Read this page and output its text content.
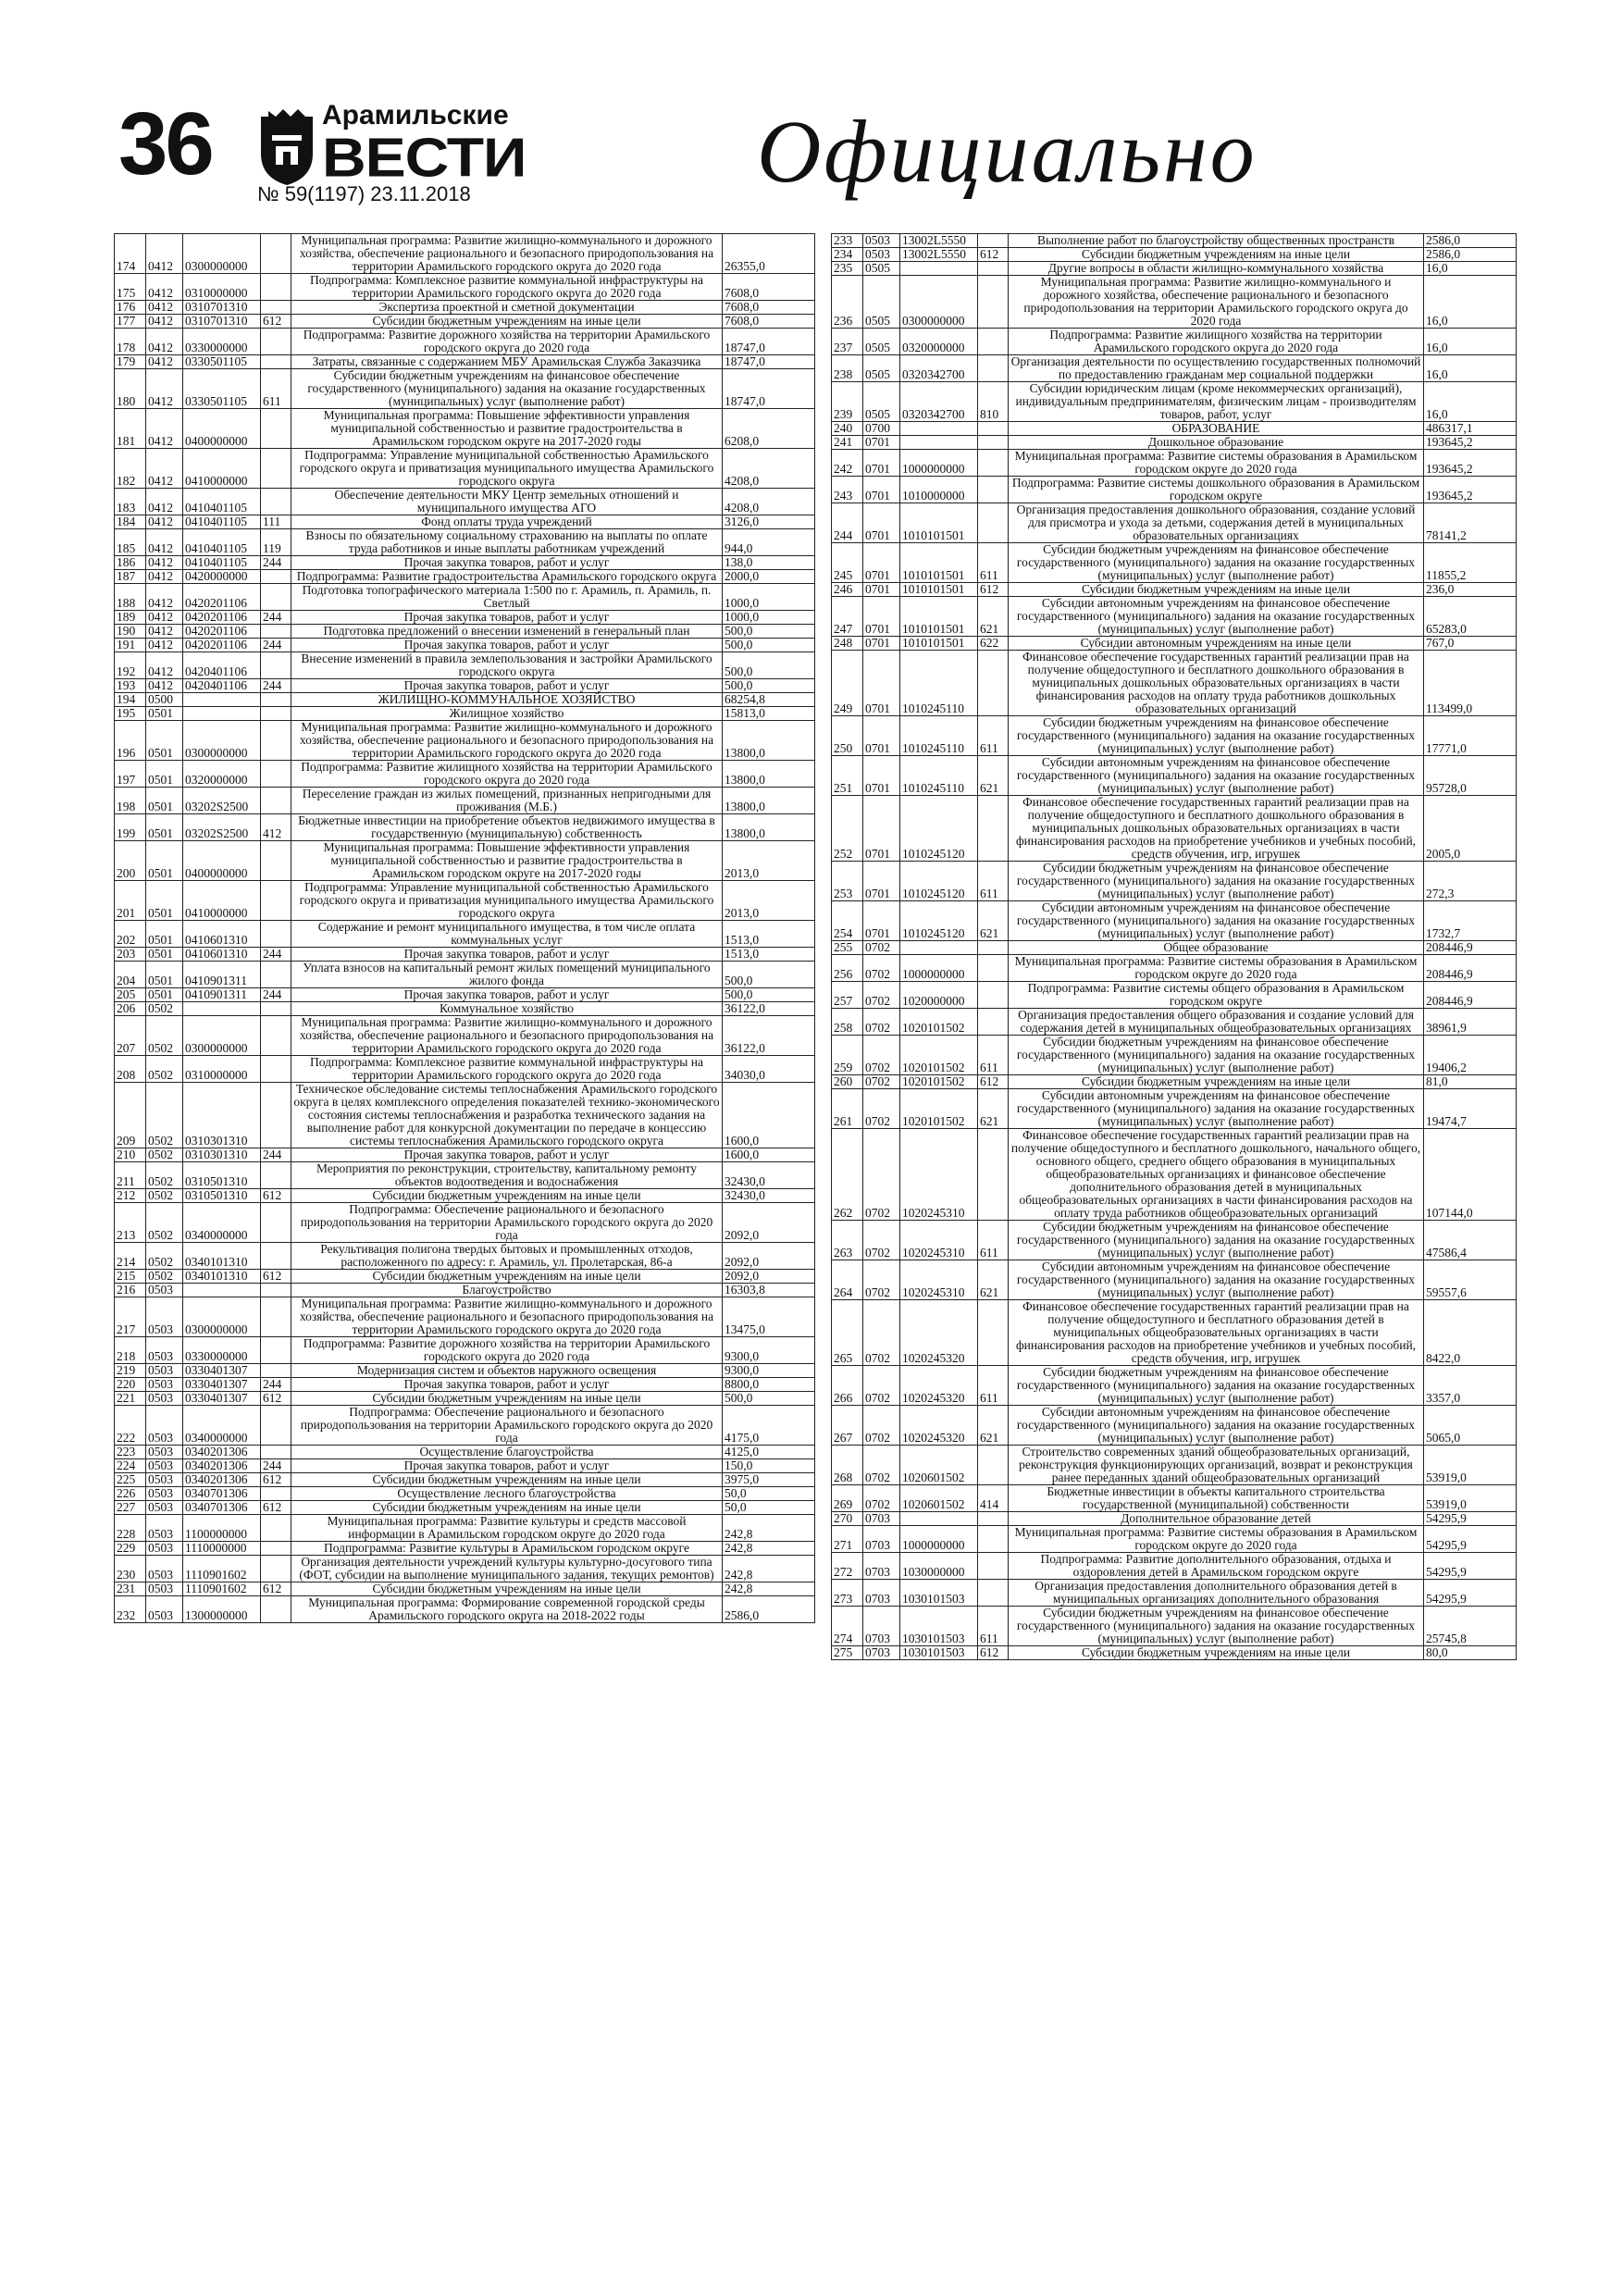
36	Арамильские
ВЕСТИ
№ 59(1197) 23.11.2018	Официально
174	0412	0300000000		Муниципальная программа: Развитие жилищно-коммунального и дорожного хозяйства, обеспечение рационального и безопасного природопользования на территории Арамильского городского округа до 2020 года	26355,0
175	0412	0310000000		Подпрограмма: Комплексное развитие коммунальной инфраструктуры на территории Арамильского городского округа до 2020 года	7608,0
176	0412	0310701310		Экспертиза проектной и сметной документации	7608,0
177	0412	0310701310	612	Субсидии бюджетным учреждениям на иные цели	7608,0
178	0412	0330000000		Подпрограмма: Развитие дорожного хозяйства на территории Арамильского городского округа до 2020 года	18747,0
179	0412	0330501105		Затраты, связанные с содержанием МБУ Арамильская Служба Заказчика	18747,0
180	0412	0330501105	611	Субсидии бюджетным учреждениям на финансовое обеспечение государственного (муниципального) задания на оказание государственных (муниципальных) услуг (выполнение работ)	18747,0
181	0412	0400000000		Муниципальная программа: Повышение эффективности управления муниципальной собственностью и развитие градостроительства в Арамильском городском округе на 2017-2020 годы	6208,0
182	0412	0410000000		Подпрограмма: Управление муниципальной собственностью Арамильского городского округа и приватизация муниципального имущества Арамильского городского округа	4208,0
183	0412	0410401105		Обеспечение деятельности МКУ Центр земельных отношений и муниципального имущества АГО	4208,0
184	0412	0410401105	111	Фонд оплаты труда учреждений	3126,0
185	0412	0410401105	119	Взносы по обязательному социальному страхованию на выплаты по оплате труда работников и иные выплаты работникам учреждений	944,0
186	0412	0410401105	244	Прочая закупка товаров, работ и услуг	138,0
187	0412	0420000000		Подпрограмма: Развитие градостроительства Арамильского городского округа	2000,0
188	0412	0420201106		Подготовка топографического материала 1:500 по г. Арамиль, п. Арамиль, п. Светлый	1000,0
189	0412	0420201106	244	Прочая закупка товаров, работ и услуг	1000,0
190	0412	0420201106		Подготовка предложений о внесении изменений в генеральный план	500,0
191	0412	0420201106	244	Прочая закупка товаров, работ и услуг	500,0
192	0412	0420401106		Внесение изменений в правила землепользования и застройки Арамильского городского округа	500,0
193	0412	0420401106	244	Прочая закупка товаров, работ и услуг	500,0
194	0500			ЖИЛИЩНО-КОММУНАЛЬНОЕ ХОЗЯЙСТВО	68254,8
195	0501			Жилищное хозяйство	15813,0
196	0501	0300000000		Муниципальная программа: Развитие жилищно-коммунального и дорожного хозяйства, обеспечение рационального и безопасного природопользования на территории Арамильского городского округа до 2020 года	13800,0
197	0501	0320000000		Подпрограмма: Развитие жилищного хозяйства на территории Арамильского городского округа до 2020 года	13800,0
198	0501	03202S2500		Переселение граждан из жилых помещений, признанных непригодными для проживания (М.Б.)	13800,0
199	0501	03202S2500	412	Бюджетные инвестиции на приобретение объектов недвижимого имущества в государственную (муниципальную) собственность	13800,0
200	0501	0400000000		Муниципальная программа: Повышение эффективности управления муниципальной собственностью и развитие градостроительства в Арамильском городском округе на 2017-2020 годы	2013,0
201	0501	0410000000		Подпрограмма: Управление муниципальной собственностью Арамильского городского округа и приватизация муниципального имущества Арамильского городского округа	2013,0
202	0501	0410601310		Содержание и ремонт муниципального имущества, в том числе оплата коммунальных услуг	1513,0
203	0501	0410601310	244	Прочая закупка товаров, работ и услуг	1513,0
204	0501	0410901311		Уплата взносов на капитальный ремонт жилых помещений муниципального жилого фонда	500,0
205	0501	0410901311	244	Прочая закупка товаров, работ и услуг	500,0
206	0502			Коммунальное хозяйство	36122,0
207	0502	0300000000		Муниципальная программа: Развитие жилищно-коммунального и дорожного хозяйства, обеспечение рационального и безопасного природопользования на территории Арамильского городского округа до 2020 года	36122,0
208	0502	0310000000		Подпрограмма: Комплексное развитие коммунальной инфраструктуры на территории Арамильского городского округа до 2020 года	34030,0
209	0502	0310301310		Техническое обследование системы теплоснабжения Арамильского городского округа в целях комплексного определения показателей технико-экономического состояния системы теплоснабжения и разработка технического задания на выполнение работ для конкурсной документации по передаче в концессию системы теплоснабжения Арамильского городского округа	1600,0
210	0502	0310301310	244	Прочая закупка товаров, работ и услуг	1600,0
211	0502	0310501310		Мероприятия по реконструкции, строительству, капитальному ремонту объектов водоотведения и водоснабжения	32430,0
212	0502	0310501310	612	Субсидии бюджетным учреждениям на иные цели	32430,0
213	0502	0340000000		Подпрограмма: Обеспечение рационального и безопасного природопользования на территории Арамильского городского округа до 2020 года	2092,0
214	0502	0340101310		Рекультивация полигона твердых бытовых и промышленных отходов, расположенного по адресу: г. Арамиль, ул. Пролетарская, 86-а	2092,0
215	0502	0340101310	612	Субсидии бюджетным учреждениям на иные цели	2092,0
216	0503			Благоустройство	16303,8
217	0503	0300000000		Муниципальная программа: Развитие жилищно-коммунального и дорожного хозяйства, обеспечение рационального и безопасного природопользования на территории Арамильского городского округа до 2020 года	13475,0
218	0503	0330000000		Подпрограмма: Развитие дорожного хозяйства на территории Арамильского городского округа до 2020 года	9300,0
219	0503	0330401307		Модернизация систем и объектов наружного освещения	9300,0
220	0503	0330401307	244	Прочая закупка товаров, работ и услуг	8800,0
221	0503	0330401307	612	Субсидии бюджетным учреждениям на иные цели	500,0
222	0503	0340000000		Подпрограмма: Обеспечение рационального и безопасного природопользования на территории Арамильского городского округа до 2020 года	4175,0
223	0503	0340201306		Осуществление благоустройства	4125,0
224	0503	0340201306	244	Прочая закупка товаров, работ и услуг	150,0
225	0503	0340201306	612	Субсидии бюджетным учреждениям на иные цели	3975,0
226	0503	0340701306		Осуществление лесного благоустройства	50,0
227	0503	0340701306	612	Субсидии бюджетным учреждениям на иные цели	50,0
228	0503	1100000000		Муниципальная программа: Развитие культуры и средств массовой информации в Арамильском городском округе до 2020 года	242,8
229	0503	1110000000		Подпрограмма: Развитие культуры в Арамильском городском округе	242,8
230	0503	1110901602		Организация деятельности учреждений культуры культурно-досугового типа (ФОТ, субсидии на выполнение муниципального задания, текущих ремонтов)	242,8
231	0503	1110901602	612	Субсидии бюджетным учреждениям на иные цели	242,8
232	0503	1300000000		Муниципальная программа: Формирование современной городской среды Арамильского городского округа на 2018-2022 годы	2586,0
233	0503	13002L5550		Выполнение работ по благоустройству общественных пространств	2586,0
234	0503	13002L5550	612	Субсидии бюджетным учреждениям на иные цели	2586,0
235	0505			Другие вопросы в области жилищно-коммунального хозяйства	16,0
236	0505	0300000000		Муниципальная программа: Развитие жилищно-коммунального и дорожного хозяйства, обеспечение рационального и безопасного природопользования на территории Арамильского городского округа до 2020 года	16,0
237	0505	0320000000		Подпрограмма: Развитие жилищного хозяйства на территории Арамильского городского округа до 2020 года	16,0
238	0505	0320342700		Организация деятельности по осуществлению государственных полномочий по предоставлению гражданам мер социальной поддержки	16,0
239	0505	0320342700	810	Субсидии юридическим лицам (кроме некоммерческих организаций), индивидуальным предпринимателям, физическим лицам - производителям товаров, работ, услуг	16,0
240	0700			ОБРАЗОВАНИЕ	486317,1
241	0701			Дошкольное образование	193645,2
242	0701	1000000000		Муниципальная программа: Развитие системы образования в Арамильском городском округе до 2020 года	193645,2
243	0701	1010000000		Подпрограмма: Развитие системы дошкольного образования в Арамильском городском округе	193645,2
244	0701	1010101501		Организация предоставления дошкольного образования, создание условий для присмотра и ухода за детьми, содержания детей в муниципальных образовательных организациях	78141,2
245	0701	1010101501	611	Субсидии бюджетным учреждениям на финансовое обеспечение государственного (муниципального) задания на оказание государственных (муниципальных) услуг (выполнение работ)	11855,2
246	0701	1010101501	612	Субсидии бюджетным учреждениям на иные цели	236,0
247	0701	1010101501	621	Субсидии автономным учреждениям на финансовое обеспечение государственного (муниципального) задания на оказание государственных (муниципальных) услуг (выполнение работ)	65283,0
248	0701	1010101501	622	Субсидии автономным учреждениям на иные цели	767,0
249	0701	1010245110		Финансовое обеспечение государственных гарантий реализации прав на получение общедоступного и бесплатного дошкольного образования в муниципальных дошкольных образовательных организациях в части финансирования расходов на оплату труда работников дошкольных образовательных организаций	113499,0
250	0701	1010245110	611	Субсидии бюджетным учреждениям на финансовое обеспечение государственного (муниципального) задания на оказание государственных (муниципальных) услуг (выполнение работ)	17771,0
251	0701	1010245110	621	Субсидии автономным учреждениям на финансовое обеспечение государственного (муниципального) задания на оказание государственных (муниципальных) услуг (выполнение работ)	95728,0
252	0701	1010245120		Финансовое обеспечение государственных гарантий реализации прав на получение общедоступного и бесплатного дошкольного образования в муниципальных дошкольных образовательных организациях в части финансирования расходов на приобретение учебников и учебных пособий, средств обучения, игр, игрушек	2005,0
253	0701	1010245120	611	Субсидии бюджетным учреждениям на финансовое обеспечение государственного (муниципального) задания на оказание государственных (муниципальных) услуг (выполнение работ)	272,3
254	0701	1010245120	621	Субсидии автономным учреждениям на финансовое обеспечение государственного (муниципального) задания на оказание государственных (муниципальных) услуг (выполнение работ)	1732,7
255	0702			Общее образование	208446,9
256	0702	1000000000		Муниципальная программа: Развитие системы образования в Арамильском городском округе до 2020 года	208446,9
257	0702	1020000000		Подпрограмма: Развитие системы общего образования в Арамильском городском округе	208446,9
258	0702	1020101502		Организация предоставления общего образования и создание условий для содержания детей в муниципальных общеобразовательных организациях	38961,9
259	0702	1020101502	611	Субсидии бюджетным учреждениям на финансовое обеспечение государственного (муниципального) задания на оказание государственных (муниципальных) услуг (выполнение работ)	19406,2
260	0702	1020101502	612	Субсидии бюджетным учреждениям на иные цели	81,0
261	0702	1020101502	621	Субсидии автономным учреждениям на финансовое обеспечение государственного (муниципального) задания на оказание государственных (муниципальных) услуг (выполнение работ)	19474,7
262	0702	1020245310		Финансовое обеспечение государственных гарантий реализации прав на получение общедоступного и бесплатного дошкольного, начального общего, основного общего, среднего общего образования в муниципальных общеобразовательных организациях и финансовое обеспечение дополнительного образования детей в муниципальных общеобразовательных организациях в части финансирования расходов на оплату труда работников общеобразовательных организаций	107144,0
263	0702	1020245310	611	Субсидии бюджетным учреждениям на финансовое обеспечение государственного (муниципального) задания на оказание государственных (муниципальных) услуг (выполнение работ)	47586,4
264	0702	1020245310	621	Субсидии автономным учреждениям на финансовое обеспечение государственного (муниципального) задания на оказание государственных (муниципальных) услуг (выполнение работ)	59557,6
265	0702	1020245320		Финансовое обеспечение государственных гарантий реализации прав на получение общедоступного и бесплатного образования детей в муниципальных общеобразовательных организациях в части финансирования расходов на приобретение учебников и учебных пособий, средств обучения, игр, игрушек	8422,0
266	0702	1020245320	611	Субсидии бюджетным учреждениям на финансовое обеспечение государственного (муниципального) задания на оказание государственных (муниципальных) услуг (выполнение работ)	3357,0
267	0702	1020245320	621	Субсидии автономным учреждениям на финансовое обеспечение государственного (муниципального) задания на оказание государственных (муниципальных) услуг (выполнение работ)	5065,0
268	0702	1020601502		Строительство современных зданий общеобразовательных организаций, реконструкция функционирующих организаций, возврат и реконструкция ранее переданных зданий общеобразовательных организаций	53919,0
269	0702	1020601502	414	Бюджетные инвестиции в объекты капитального строительства государственной (муниципальной) собственности	53919,0
270	0703			Дополнительное образование детей	54295,9
271	0703	1000000000		Муниципальная программа: Развитие системы образования в Арамильском городском округе до 2020 года	54295,9
272	0703	1030000000		Подпрограмма: Развитие дополнительного образования, отдыха и оздоровления детей в Арамильском городском округе	54295,9
273	0703	1030101503		Организация предоставления дополнительного образования детей в муниципальных организациях дополнительного образования	54295,9
274	0703	1030101503	611	Субсидии бюджетным учреждениям на финансовое обеспечение государственного (муниципального) задания на оказание государственных (муниципальных) услуг (выполнение работ)	25745,8
275	0703	1030101503	612	Субсидии бюджетным учреждениям на иные цели	80,0
